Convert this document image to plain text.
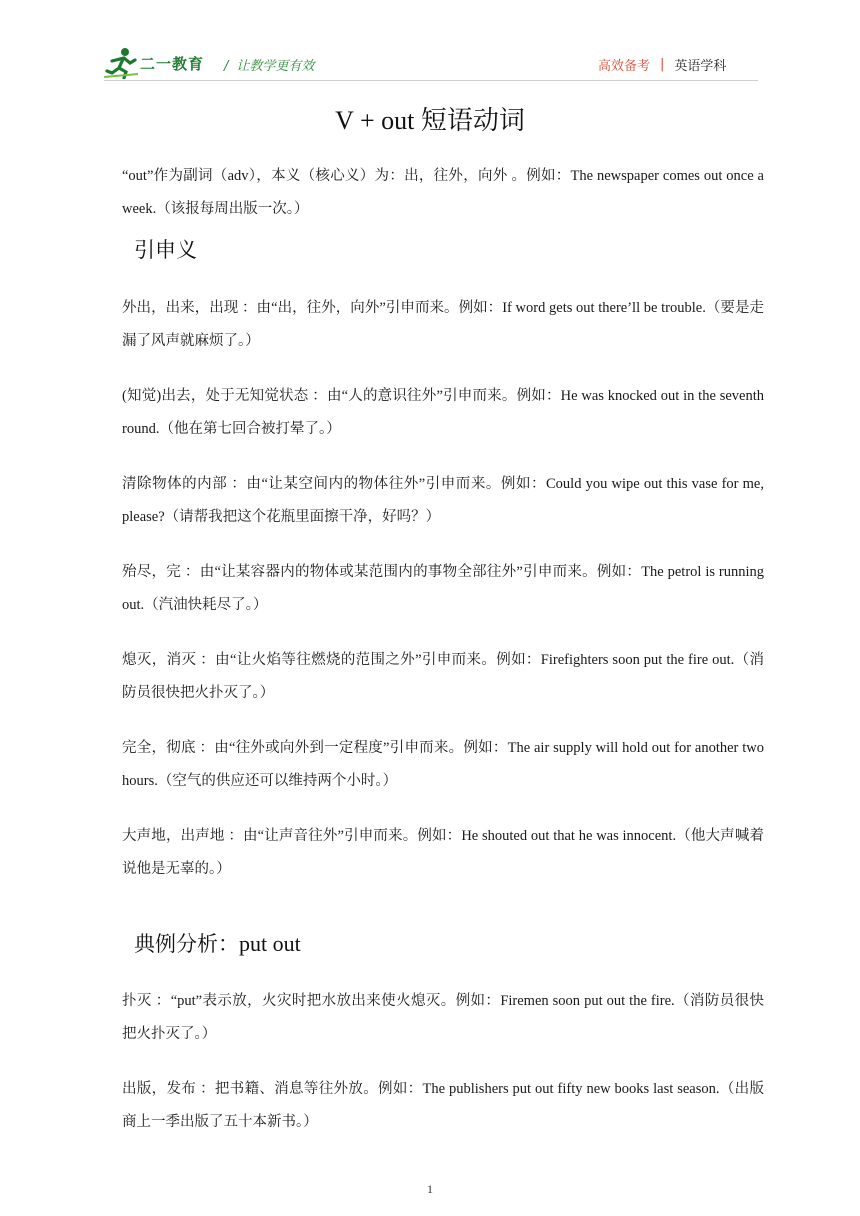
二一教育 / 让教学更有效	高效备考 | 英语学科
V + out 短语动词
“out”作为副词（adv），本义（核心义）为：出，往外，向外 。例如：The newspaper comes out once a week.（该报每周出版一次。）
引申义
外出，出来，出现 ：由“出，往外，向外”引申而来。例如：If word gets out there’ll be trouble.（要是走漏了风声就麻烦了。）
(知觉)出去，处于无知觉状态 ：由“人的意识往外”引申而来。例如：He was knocked out in the seventh round.（他在第七回合被打晕了。）
清除物体的内部 ：由“让某空间内的物体往外”引申而来。例如：Could you wipe out this vase for me, please?（请帮我把这个花瓶里面擦干净，好吗？）
殆尽，完 ：由“让某容器内的物体或某范围内的事物全部往外”引申而来。例如：The petrol is running out.（汽油快耗尽了。）
熄灭，消灭 ：由“让火焰等往燃烧的范围之外”引申而来。例如：Firefighters soon put the fire out.（消防员很快把火扑灭了。）
完全，彻底 ：由“往外或向外到一定程度”引申而来。例如：The air supply will hold out for another two hours.（空气的供应还可以维持两个小时。）
大声地，出声地 ：由“让声音往外”引申而来。例如：He shouted out that he was innocent.（他大声喊着说他是无辜的。）
典例分析：put out
扑灭 ：“put”表示放，火灾时把水放出来使火熄灭。例如：Firemen soon put out the fire.（消防员很快把火扑灭了。）
出版，发布 ：把书籍、消息等往外放。例如：The publishers put out fifty new books last season.（出版商上一季出版了五十本新书。）
1
